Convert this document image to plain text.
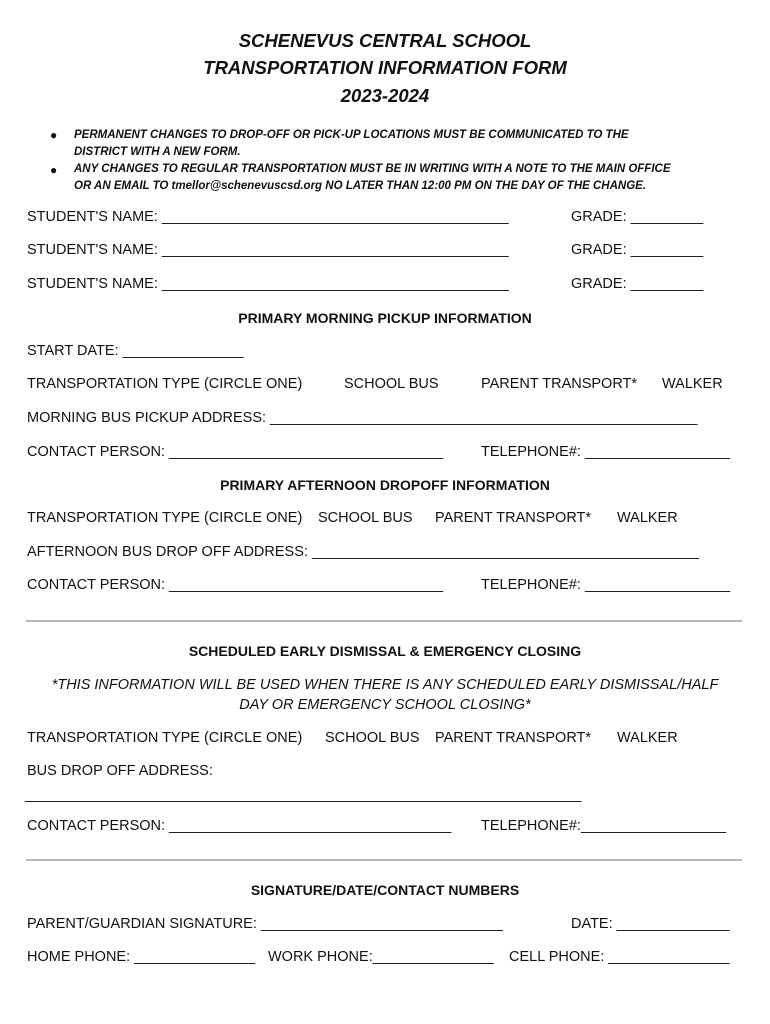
SCHENEVUS CENTRAL SCHOOL
TRANSPORTATION INFORMATION FORM
2023-2024
● PERMANENT CHANGES TO DROP-OFF OR PICK-UP LOCATIONS MUST BE COMMUNICATED TO THE
DISTRICT WITH A NEW FORM.
● ANY CHANGES TO REGULAR TRANSPORTATION MUST BE IN WRITING WITH A NOTE TO THE MAIN OFFICE
OR AN EMAIL TO tmellor@schenevuscsd.org NO LATER THAN 12:00 PM ON THE DAY OF THE CHANGE.
STUDENT'S NAME: ___________________________________________	GRADE: _________
STUDENT'S NAME: ___________________________________________	GRADE: _________
STUDENT'S NAME: ___________________________________________	GRADE: _________
PRIMARY MORNING PICKUP INFORMATION
START DATE: _______________
TRANSPORTATION TYPE (CIRCLE ONE)	SCHOOL BUS	PARENT TRANSPORT* WALKER
MORNING BUS PICKUP ADDRESS: _____________________________________________________
CONTACT PERSON: __________________________________	TELEPHONE#: __________________
PRIMARY AFTERNOON DROPOFF INFORMATION
TRANSPORTATION TYPE (CIRCLE ONE) SCHOOL BUS PARENT TRANSPORT* WALKER
AFTERNOON BUS DROP OFF ADDRESS: ________________________________________________
CONTACT PERSON: __________________________________	TELEPHONE#: __________________
SCHEDULED EARLY DISMISSAL & EMERGENCY CLOSING
*THIS INFORMATION WILL BE USED WHEN THERE IS ANY SCHEDULED EARLY DISMISSAL/HALF
DAY OR EMERGENCY SCHOOL CLOSING*
TRANSPORTATION TYPE (CIRCLE ONE) SCHOOL BUS PARENT TRANSPORT* WALKER
BUS DROP OFF ADDRESS:
_____________________________________________________________________
CONTACT PERSON: ___________________________________ TELEPHONE#:__________________
SIGNATURE/DATE/CONTACT NUMBERS
PARENT/GUARDIAN SIGNATURE: ______________________________	DATE: ______________
HOME PHONE: _______________ WORK PHONE:_______________ CELL PHONE: _______________
